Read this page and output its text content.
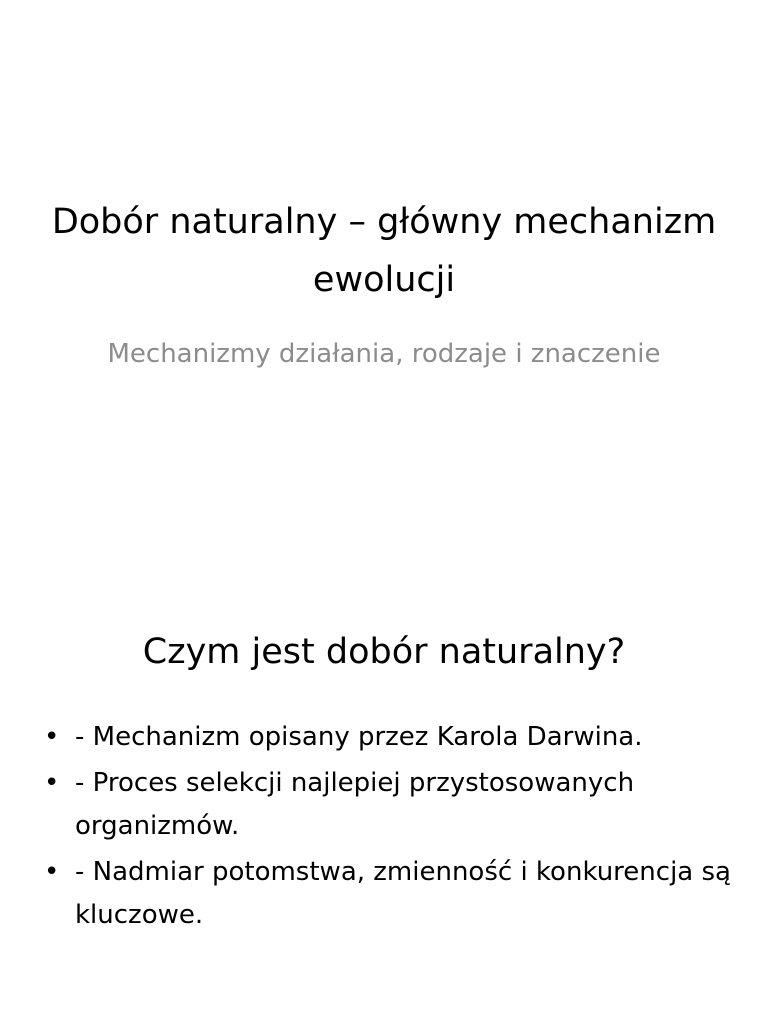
Dobór naturalny – główny mechanizm ewolucji

Mechanizmy działania, rodzaje i znaczenie

Czym jest dobór naturalny?
• - Mechanizm opisany przez Karola Darwina.
• - Proces selekcji najlepiej przystosowanych organizmów.
• - Nadmiar potomstwa, zmienność i konkurencja są kluczowe.
